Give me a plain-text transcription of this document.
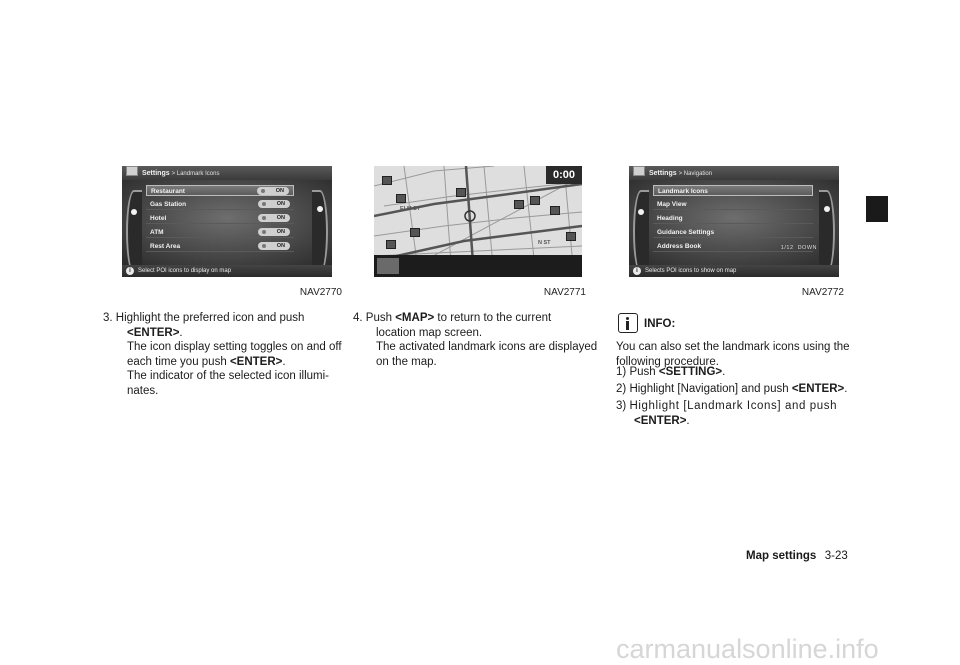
Settings > Landmark Icons
Restaurant	ON
Gas Station	ON
Hotel	ON
ATM	ON
Rest Area	ON
i Select POI icons to display on map
NAV2770
ELM ST
N ST
0:00
NAV2771
Settings > Navigation
Landmark Icons
Map View
Heading
Guidance Settings
Address Book	1/12 DOWN
i Selects POI icons to show on map
NAV2772
3. Highlight the preferred icon and push
<ENTER>.
The icon display setting toggles on and off
each time you push <ENTER>.
The indicator of the selected icon illumi-
nates.
4. Push <MAP> to return to the current
location map screen.
The activated landmark icons are displayed
on the map.
INFO:
You can also set the landmark icons using the
following procedure.
1) Push <SETTING>.
2) Highlight [Navigation] and push <ENTER>.
3) Highlight [Landmark Icons] and push
<ENTER>.
Map settings 3-23
carmanualsonline.info
